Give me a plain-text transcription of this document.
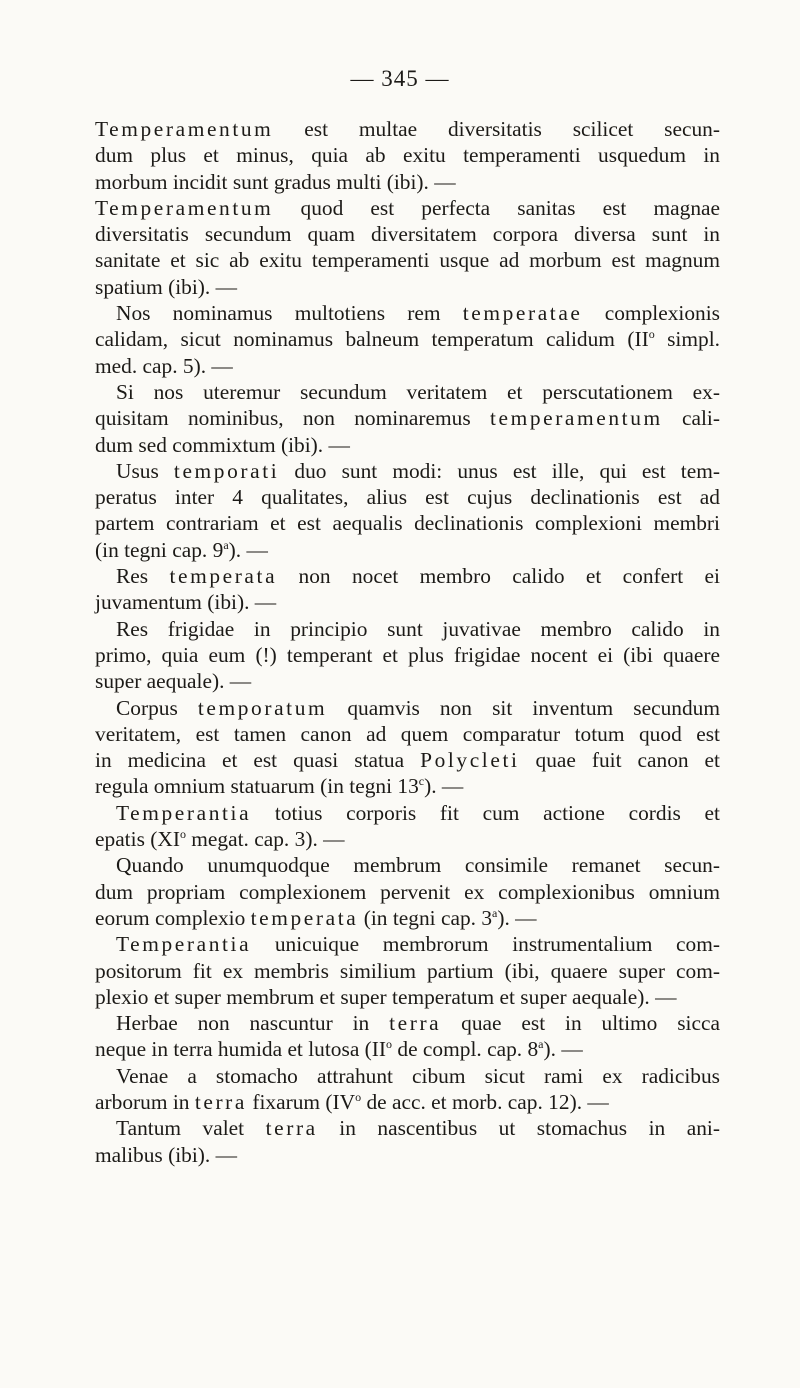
— 345 —
Temperamentum est multae diversitatis scilicet secun-
dum plus et minus, quia ab exitu temperamenti usquedum in
morbum incidit sunt gradus multi (ibi). —
Temperamentum quod est perfecta sanitas est magnae
diversitatis secundum quam diversitatem corpora diversa sunt in
sanitate et sic ab exitu temperamenti usque ad morbum est magnum
spatium (ibi). —
Nos nominamus multotiens rem temperatae complexionis
calidam, sicut nominamus balneum temperatum calidum ($II^o$ simpl.
med. cap. 5). —
Si nos uteremur secundum veritatem et perscutationem ex-
quisitam nominibus, non nominaremus temperamentum cali-
dum sed commixtum (ibi). —
Usus temporati duo sunt modi: unus est ille, qui est tem-
peratus inter 4 qualitates, alius est cujus declinationis est ad
partem contrariam et est aequalis declinationis complexioni membri
(in tegni cap. 9$^a$). —
Res temperata non nocet membro calido et confert ei
juvamentum (ibi). —
Res frigidae in principio sunt juvativae membro calido in
primo, quia eum (!) temperant et plus frigidae nocent ei (ibi quaere
super aequale). —
Corpus temporatum quamvis non sit inventum secundum
veritatem, est tamen canon ad quem comparatur totum quod est
in medicina et est quasi statua Polycleti quae fuit canon et
regula omnium statuarum (in tegni 13$^c$). —
Temperantia totius corporis fit cum actione cordis et
epatis ($XI^o$ megat. cap. 3). —
Quando unumquodque membrum consimile remanet secun-
dum propriam complexionem pervenit ex complexionibus omnium
eorum complexio temperata (in tegni cap. 3$^a$). —
Temperantia unicuique membrorum instrumentalium com-
positorum fit ex membris similium partium (ibi, quaere super com-
plexio et super membrum et super temperatum et super aequale). —
Herbae non nascuntur in terra quae est in ultimo sicca
neque in terra humida et lutosa ($II^o$ de compl. cap. 8$^a$). —
Venae a stomacho attrahunt cibum sicut rami ex radicibus
arborum in terra fixarum ($IV^o$ de acc. et morb. cap. 12). —
Tantum valet terra in nascentibus ut stomachus in ani-
malibus (ibi). —
